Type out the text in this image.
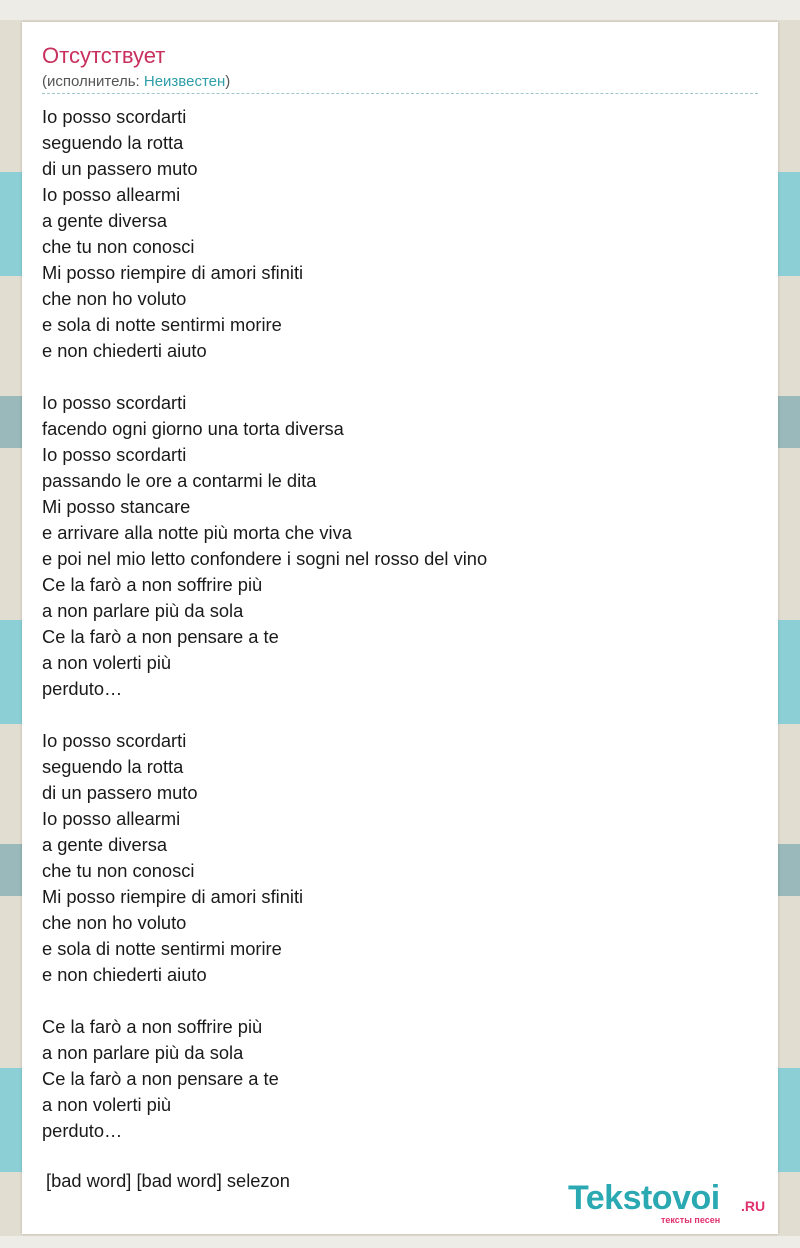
Отсутствует
(исполнитель: Неизвестен)
Io posso scordarti
seguendo la rotta
di un passero muto
Io posso allearmi
a gente diversa
che tu non conosci
Mi posso riempire di amori sfiniti
che non ho voluto
e sola di notte sentirmi morire
e non chiederti aiuto
Io posso scordarti
facendo ogni giorno una torta diversa
Io posso scordarti
passando le ore a contarmi le dita
Mi posso stancare
e arrivare alla notte più morta che viva
e poi nel mio letto confondere i sogni nel rosso del vino
Ce la farò a non soffrire più
a non parlare più da sola
Ce la farò a non pensare a te
a non volerti più
perduto…
Io posso scordarti
seguendo la rotta
di un passero muto
Io posso allearmi
a gente diversa
che tu non conosci
Mi posso riempire di amori sfiniti
che non ho voluto
e sola di notte sentirmi morire
e non chiederti aiuto
Ce la farò a non soffrire più
a non parlare più da sola
Ce la farò a non pensare a te
a non volerti più
perduto…
[bad word] [bad word] selezon	Tekstovoi .RU
тексты песен
